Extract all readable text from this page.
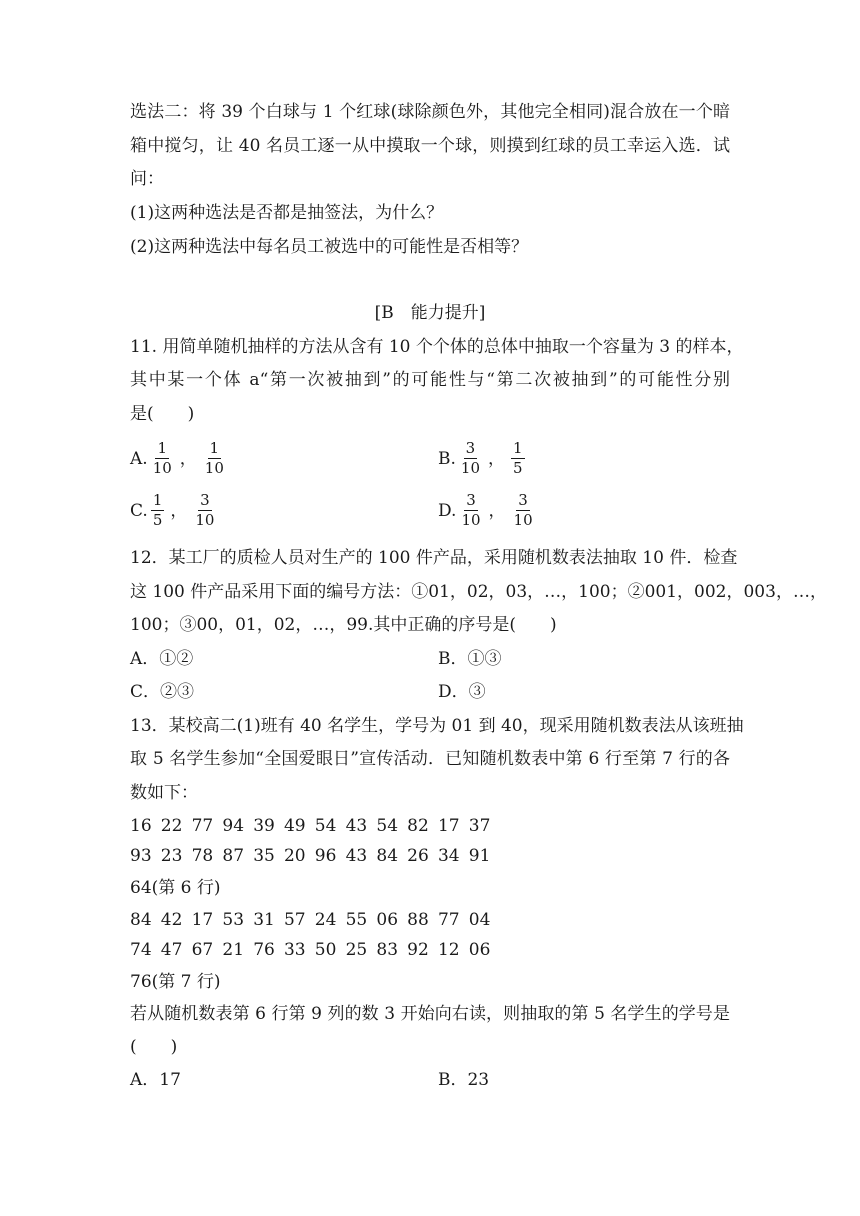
选法二：将 39 个白球与 1 个红球(球除颜色外，其他完全相同)混合放在一个暗
箱中搅匀，让 40 名员工逐一从中摸取一个球，则摸到红球的员工幸运入选．试
问：
(1)这两种选法是否都是抽签法，为什么？
(2)这两种选法中每名员工被选中的可能性是否相等？
[B　能力提升]
11. 用简单随机抽样的方法从含有 10 个个体的总体中抽取一个容量为 3 的样本，
其中某一个体 a“第一次被抽到”的可能性与“第二次被抽到”的可能性分别
是(　　)
A. $\frac{1}{10}$ ， $\frac{1}{10}$	B. $\frac{3}{10}$ ， $\frac{1}{5}$
C. $\frac{1}{5}$ ， $\frac{3}{10}$	D. $\frac{3}{10}$ ， $\frac{3}{10}$
12．某工厂的质检人员对生产的 100 件产品，采用随机数表法抽取 10 件．检查
这 100 件产品采用下面的编号方法：①01，02，03，…，100；②001，002，003，…，
100；③00，01，02，…，99.其中正确的序号是(　　)
A．①②	B．①③
C．②③	D．③
13．某校高二(1)班有 40 名学生，学号为 01 到 40，现采用随机数表法从该班抽
取 5 名学生参加“全国爱眼日”宣传活动．已知随机数表中第 6 行至第 7 行的各
数如下：
16 22 77 94 39 49 54 43 54 82 17 37
93 23 78 87 35 20 96 43 84 26 34 91
64(第 6 行)
84 42 17 53 31 57 24 55 06 88 77 04
74 47 67 21 76 33 50 25 83 92 12 06
76(第 7 行)
若从随机数表第 6 行第 9 列的数 3 开始向右读，则抽取的第 5 名学生的学号是
(　　)
A．17	B．23
